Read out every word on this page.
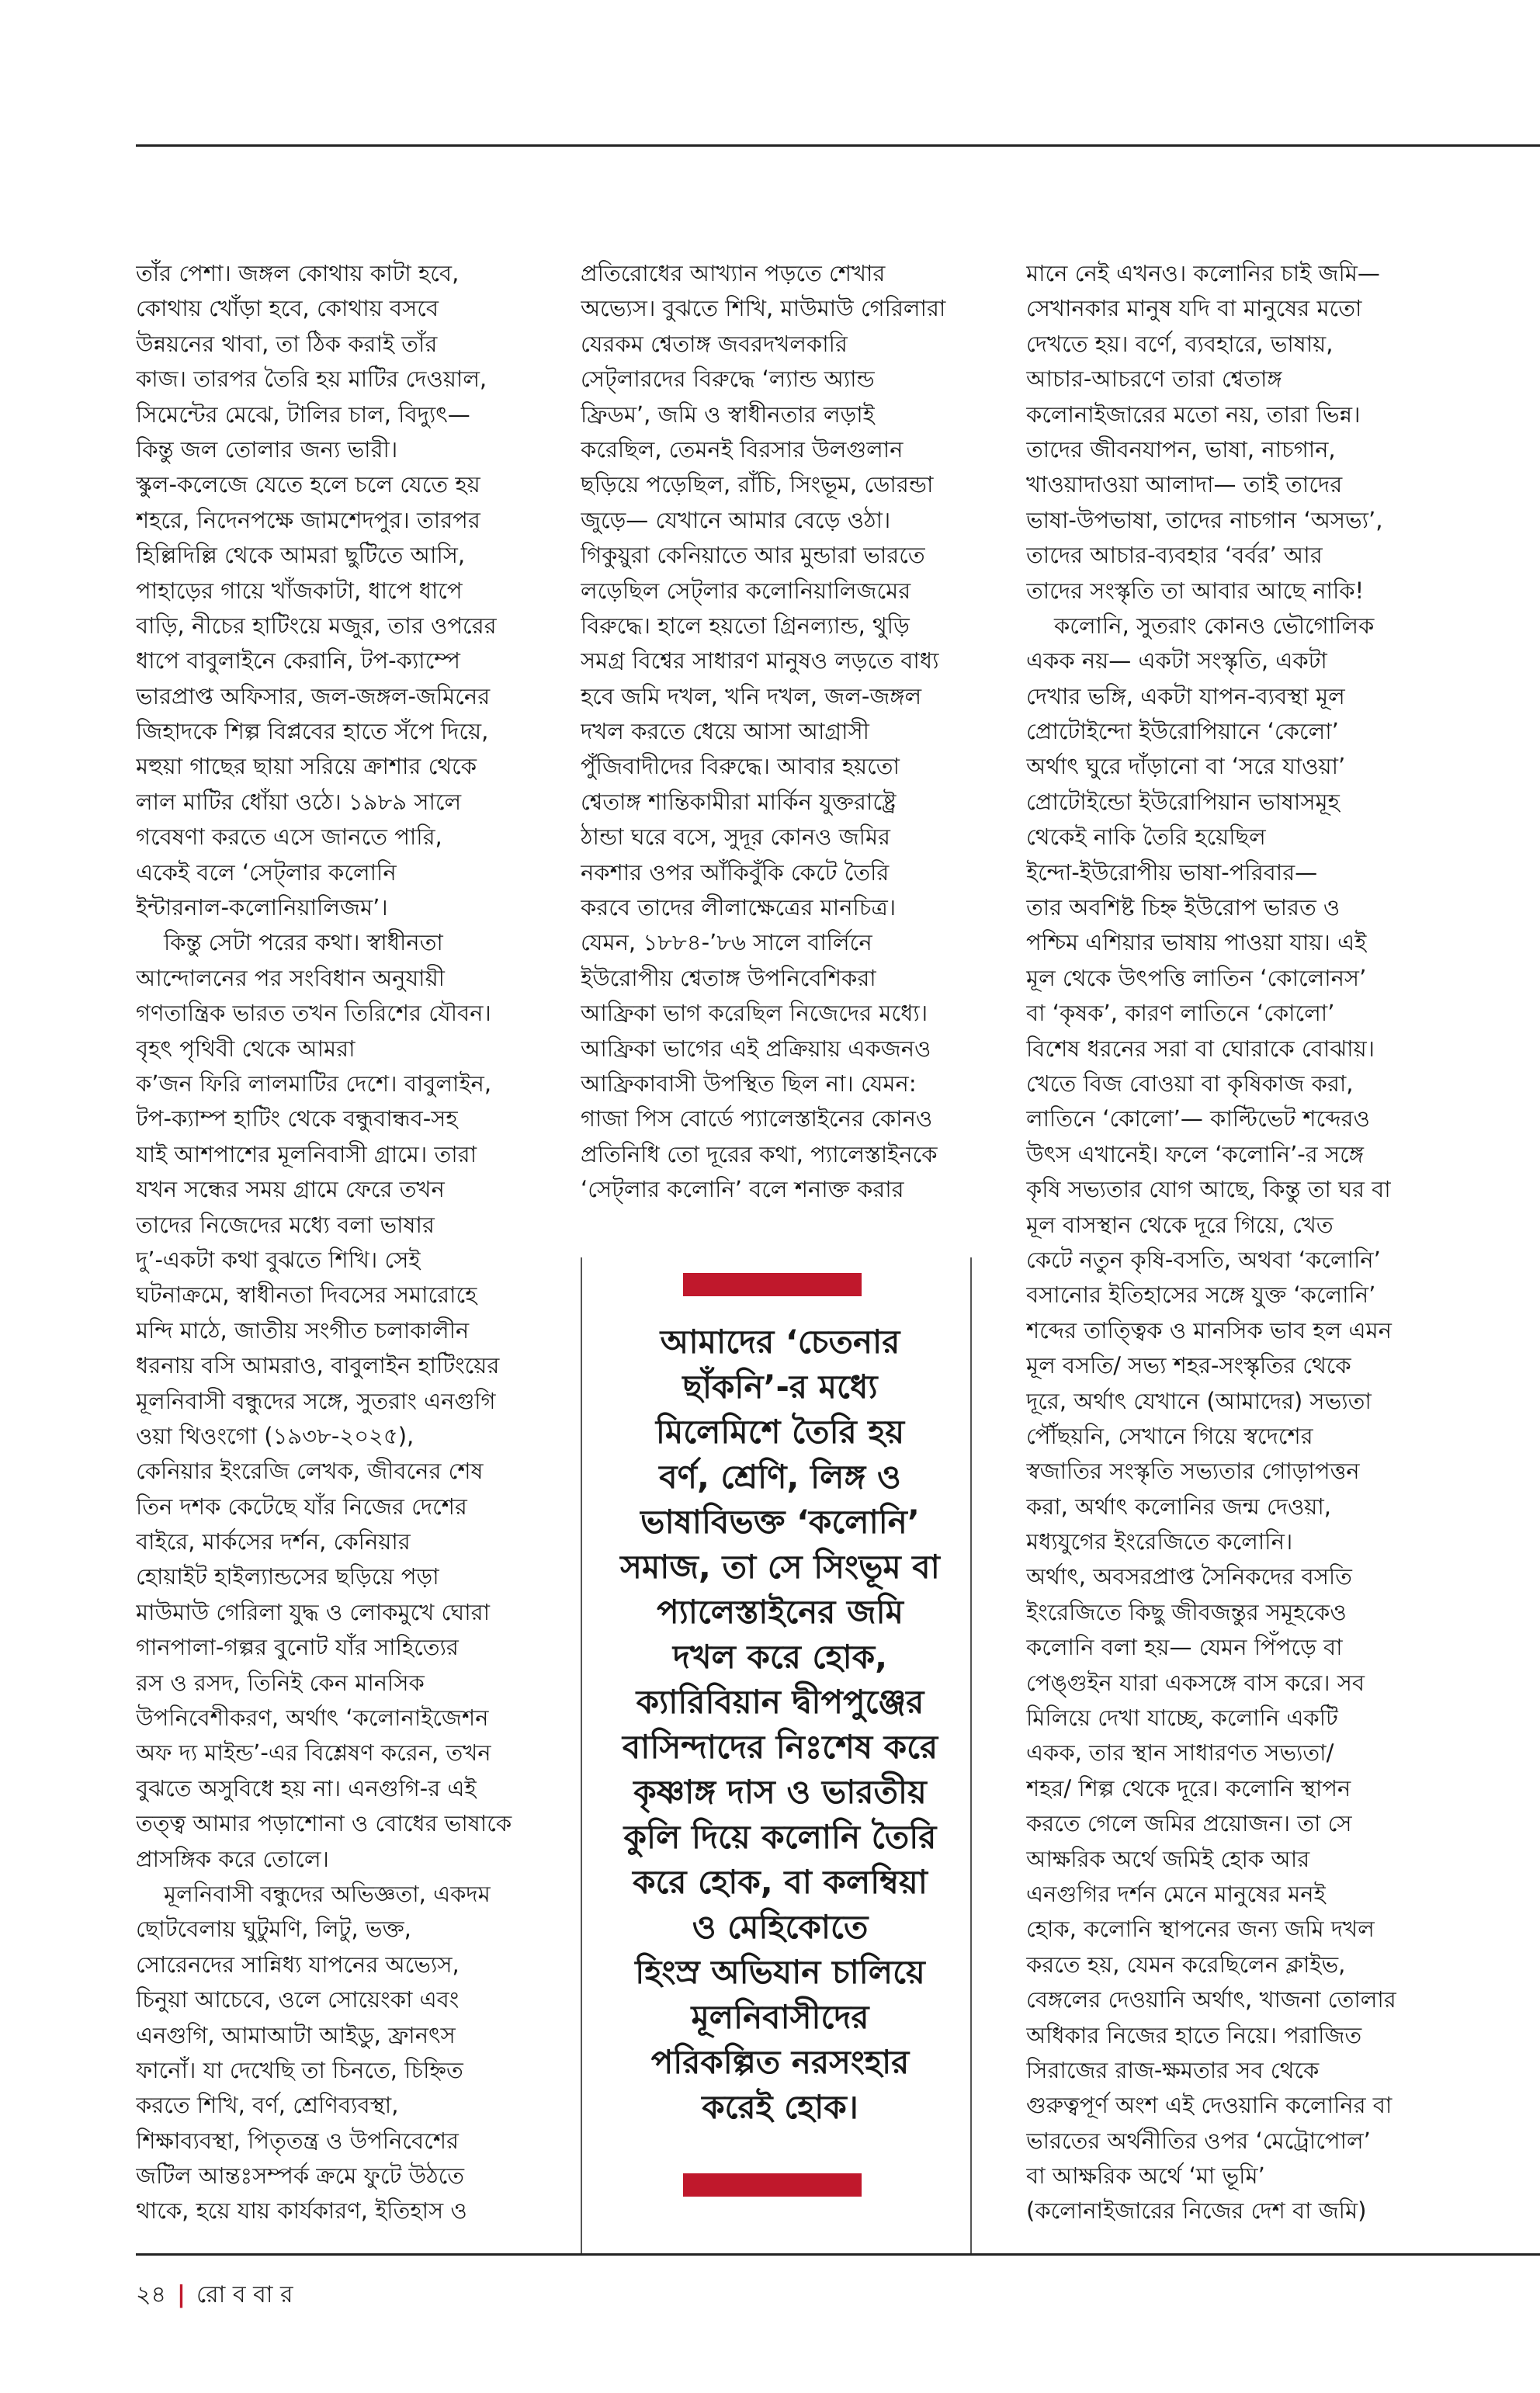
তাঁর পেশা। জঙ্গল কোথায় কাটা হবে,
কোথায় খোঁড়া হবে, কোথায় বসবে
উন্নয়নের থাবা, তা ঠিক করাই তাঁর
কাজ। তারপর তৈরি হয় মাটির দেওয়াল,
সিমেন্টের মেঝে, টালির চাল, বিদ্যুৎ—
কিন্তু জল তোলার জন্য ভারী।
স্কুল-কলেজে যেতে হলে চলে যেতে হয়
শহরে, নিদেনপক্ষে জামশেদপুর। তারপর
হিল্লিদিল্লি থেকে আমরা ছুটিতে আসি,
পাহাড়ের গায়ে খাঁজকাটা, ধাপে ধাপে
বাড়ি, নীচের হাটিংয়ে মজুর, তার ওপরের
ধাপে বাবুলাইনে কেরানি, টপ-ক্যাম্পে
ভারপ্রাপ্ত অফিসার, জল-জঙ্গল-জমিনের
জিহাদকে শিল্প বিপ্লবের হাতে সঁপে দিয়ে,
মহুয়া গাছের ছায়া সরিয়ে ক্রাশার থেকে
লাল মাটির ধোঁয়া ওঠে। ১৯৮৯ সালে
গবেষণা করতে এসে জানতে পারি,
একেই বলে ‘সেট্‌লার কলোনি
ইন্টারনাল-কলোনিয়ালিজম’।
কিন্তু সেটা পরের কথা। স্বাধীনতা
আন্দোলনের পর সংবিধান অনুযায়ী
গণতান্ত্রিক ভারত তখন তিরিশের যৌবন।
বৃহৎ পৃথিবী থেকে আমরা
ক’জন ফিরি লালমাটির দেশে। বাবুলাইন,
টপ-ক্যাম্প হাটিং থেকে বন্ধুবান্ধব-সহ
যাই আশপাশের মূলনিবাসী গ্রামে। তারা
যখন সন্ধের সময় গ্রামে ফেরে তখন
তাদের নিজেদের মধ্যে বলা ভাষার
দু’-একটা কথা বুঝতে শিখি। সেই
ঘটনাক্রমে, স্বাধীনতা দিবসের সমারোহে
মন্দি মাঠে, জাতীয় সংগীত চলাকালীন
ধরনায় বসি আমরাও, বাবুলাইন হাটিংয়ের
মূলনিবাসী বন্ধুদের সঙ্গে, সুতরাং এনগুগি
ওয়া থিওংগো (১৯৩৮-২০২৫),
কেনিয়ার ইংরেজি লেখক, জীবনের শেষ
তিন দশক কেটেছে যাঁর নিজের দেশের
বাইরে, মার্কসের দর্শন, কেনিয়ার
হোয়াইট হাইল্যান্ডসের ছড়িয়ে পড়া
মাউমাউ গেরিলা যুদ্ধ ও লোকমুখে ঘোরা
গানপালা-গল্পর বুনোট যাঁর সাহিত্যের
রস ও রসদ, তিনিই কেন মানসিক
উপনিবেশীকরণ, অর্থাৎ ‘কলোনাইজেশন
অফ দ্য মাইন্ড’-এর বিশ্লেষণ করেন, তখন
বুঝতে অসুবিধে হয় না। এনগুগি-র এই
তত্ত্ব আমার পড়াশোনা ও বোধের ভাষাকে
প্রাসঙ্গিক করে তোলে।
মূলনিবাসী বন্ধুদের অভিজ্ঞতা, একদম
ছোটবেলায় ঘুটুমণি, লিটু, ভক্ত,
সোরেনদের সান্নিধ্য যাপনের অভ্যেস,
চিনুয়া আচেবে, ওলে সোয়েংকা এবং
এনগুগি, আমাআটা আইডু, ফ্রানৎস
ফানোঁ। যা দেখেছি তা চিনতে, চিহ্নিত
করতে শিখি, বর্ণ, শ্রেণিব্যবস্থা,
শিক্ষাব্যবস্থা, পিতৃতন্ত্র ও উপনিবেশের
জটিল আন্তঃসম্পর্ক ক্রমে ফুটে উঠতে
থাকে, হয়ে যায় কার্যকারণ, ইতিহাস ও
প্রতিরোধের আখ্যান পড়তে শেখার
অভ্যেস। বুঝতে শিখি, মাউমাউ গেরিলারা
যেরকম শ্বেতাঙ্গ জবরদখলকারি
সেট্‌লারদের বিরুদ্ধে ‘ল্যান্ড অ্যান্ড
ফ্রিডম’, জমি ও স্বাধীনতার লড়াই
করেছিল, তেমনই বিরসার উলগুলান
ছড়িয়ে পড়েছিল, রাঁচি, সিংভূম, ডোরন্ডা
জুড়ে— যেখানে আমার বেড়ে ওঠা।
গিকুয়ুরা কেনিয়াতে আর মুন্ডারা ভারতে
লড়েছিল সেট্‌লার কলোনিয়ালিজমের
বিরুদ্ধে। হালে হয়তো গ্রিনল্যান্ড, থুড়ি
সমগ্র বিশ্বের সাধারণ মানুষও লড়তে বাধ্য
হবে জমি দখল, খনি দখল, জল-জঙ্গল
দখল করতে ধেয়ে আসা আগ্রাসী
পুঁজিবাদীদের বিরুদ্ধে। আবার হয়তো
শ্বেতাঙ্গ শান্তিকামীরা মার্কিন যুক্তরাষ্ট্রে
ঠান্ডা ঘরে বসে, সুদূর কোনও জমির
নকশার ওপর আঁকিবুঁকি কেটে তৈরি
করবে তাদের লীলাক্ষেত্রের মানচিত্র।
যেমন, ১৮৮৪-’৮৬ সালে বার্লিনে
ইউরোপীয় শ্বেতাঙ্গ উপনিবেশিকরা
আফ্রিকা ভাগ করেছিল নিজেদের মধ্যে।
আফ্রিকা ভাগের এই প্রক্রিয়ায় একজনও
আফ্রিকাবাসী উপস্থিত ছিল না। যেমন:
গাজা পিস বোর্ডে প্যালেস্তাইনের কোনও
প্রতিনিধি তো দূরের কথা, প্যালেস্তাইনকে
‘সেট্‌লার কলোনি’ বলে শনাক্ত করার
মানে নেই এখনও। কলোনির চাই জমি—
সেখানকার মানুষ যদি বা মানুষের মতো
দেখতে হয়। বর্ণে, ব্যবহারে, ভাষায়,
আচার-আচরণে তারা শ্বেতাঙ্গ
কলোনাইজারের মতো নয়, তারা ভিন্ন।
তাদের জীবনযাপন, ভাষা, নাচগান,
খাওয়াদাওয়া আলাদা— তাই তাদের
ভাষা-উপভাষা, তাদের নাচগান ‘অসভ্য’,
তাদের আচার-ব্যবহার ‘বর্বর’ আর
তাদের সংস্কৃতি তা আবার আছে নাকি!
কলোনি, সুতরাং কোনও ভৌগোলিক
একক নয়— একটা সংস্কৃতি, একটা
দেখার ভঙ্গি, একটা যাপন-ব্যবস্থা মূল
প্রোটোইন্দো ইউরোপিয়ানে ‘কেলো’
অর্থাৎ ঘুরে দাঁড়ানো বা ‘সরে যাওয়া’
প্রোটোইন্ডো ইউরোপিয়ান ভাষাসমূহ
থেকেই নাকি তৈরি হয়েছিল
ইন্দো-ইউরোপীয় ভাষা-পরিবার—
তার অবশিষ্ট চিহ্ন ইউরোপ ভারত ও
পশ্চিম এশিয়ার ভাষায় পাওয়া যায়। এই
মূল থেকে উৎপত্তি লাতিন ‘কোলোনস’
বা ‘কৃষক’, কারণ লাতিনে ‘কোলো’
বিশেষ ধরনের সরা বা ঘোরাকে বোঝায়।
খেতে বিজ বোওয়া বা কৃষিকাজ করা,
লাতিনে ‘কোলো’— কাল্টিভেট শব্দেরও
উৎস এখানেই। ফলে ‘কলোনি’-র সঙ্গে
কৃষি সভ্যতার যোগ আছে, কিন্তু তা ঘর বা
মূল বাসস্থান থেকে দূরে গিয়ে, খেত
কেটে নতুন কৃষি-বসতি, অথবা ‘কলোনি’
বসানোর ইতিহাসের সঙ্গে যুক্ত ‘কলোনি’
শব্দের তাত্ত্বিক ও মানসিক ভাব হল এমন
মূল বসতি/ সভ্য শহর-সংস্কৃতির থেকে
দূরে, অর্থাৎ যেখানে (আমাদের) সভ্যতা
পৌঁছয়নি, সেখানে গিয়ে স্বদেশের
স্বজাতির সংস্কৃতি সভ্যতার গোড়াপত্তন
করা, অর্থাৎ কলোনির জন্ম দেওয়া,
মধ্যযুগের ইংরেজিতে কলোনি।
অর্থাৎ, অবসরপ্রাপ্ত সৈনিকদের বসতি
ইংরেজিতে কিছু জীবজন্তুর সমূহকেও
কলোনি বলা হয়— যেমন পিঁপড়ে বা
পেঙ্গুইন যারা একসঙ্গে বাস করে। সব
মিলিয়ে দেখা যাচ্ছে, কলোনি একটি
একক, তার স্থান সাধারণত সভ্যতা/
শহর/ শিল্প থেকে দূরে। কলোনি স্থাপন
করতে গেলে জমির প্রয়োজন। তা সে
আক্ষরিক অর্থে জমিই হোক আর
এনগুগির দর্শন মেনে মানুষের মনই
হোক, কলোনি স্থাপনের জন্য জমি দখল
করতে হয়, যেমন করেছিলেন ক্লাইভ,
বেঙ্গলের দেওয়ানি অর্থাৎ, খাজনা তোলার
অধিকার নিজের হাতে নিয়ে। পরাজিত
সিরাজের রাজ-ক্ষমতার সব থেকে
গুরুত্বপূর্ণ অংশ এই দেওয়ানি কলোনির বা
ভারতের অর্থনীতির ওপর ‘মেট্রোপোল’
বা আক্ষরিক অর্থে ‘মা ভূমি’
(কলোনাইজারের নিজের দেশ বা জমি)
আমাদের ‘চেতনার
ছাঁকনি’-র মধ্যে
মিলেমিশে তৈরি হয়
বর্ণ, শ্রেণি, লিঙ্গ ও
ভাষাবিভক্ত ‘কলোনি’
সমাজ, তা সে সিংভূম বা
প্যালেস্তাইনের জমি
দখল করে হোক,
ক্যারিবিয়ান দ্বীপপুঞ্জের
বাসিন্দাদের নিঃশেষ করে
কৃষ্ণাঙ্গ দাস ও ভারতীয়
কুলি দিয়ে কলোনি তৈরি
করে হোক, বা কলম্বিয়া
ও মেহিকোতে
হিংস্র অভিযান চালিয়ে
মূলনিবাসীদের
পরিকল্পিত নরসংহার
করেই হোক।
২৪ | রো ব বা র
